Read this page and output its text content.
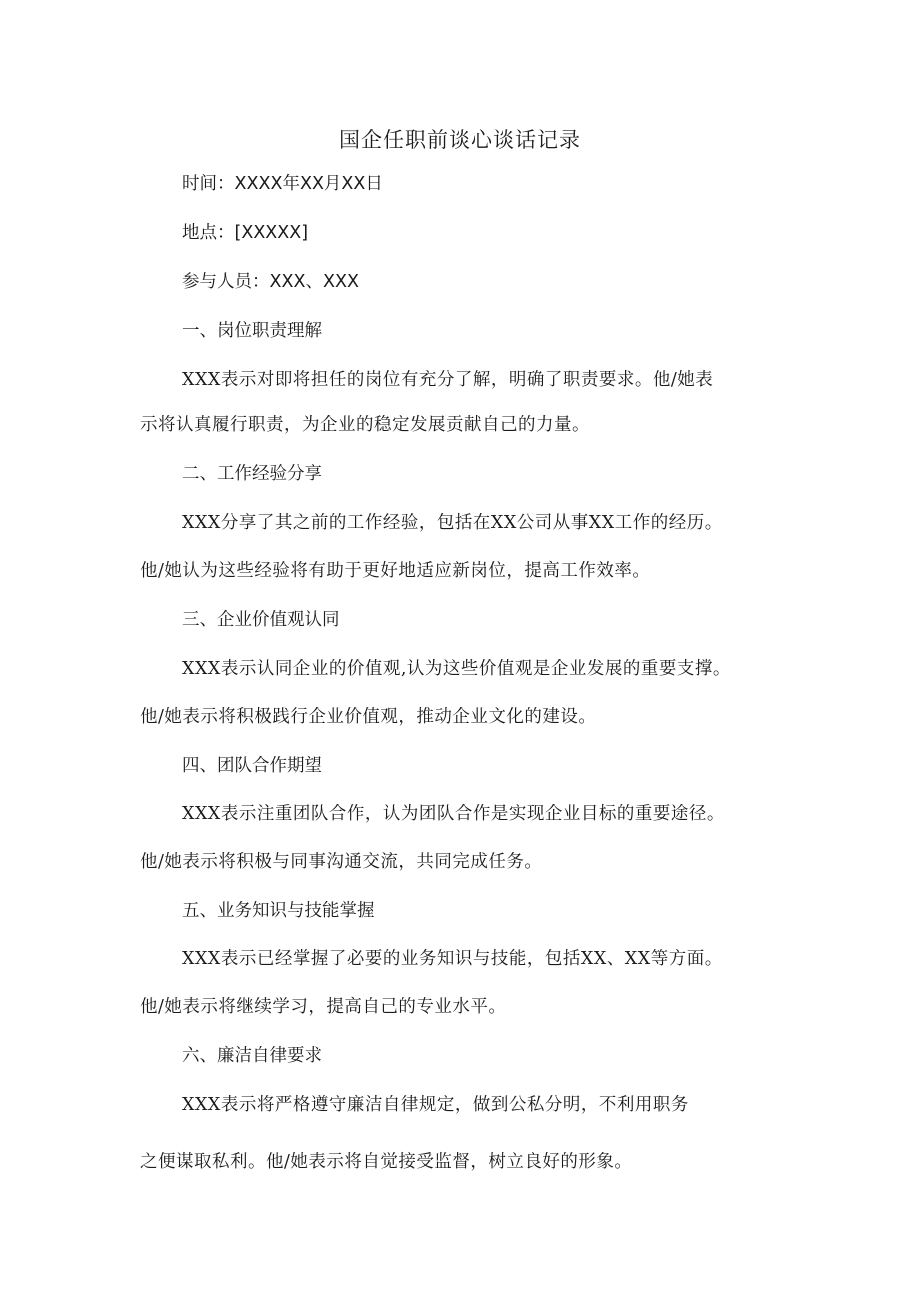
国企任职前谈心谈话记录

时间：XXXX年XX月XX日

地点：[XXXXX]

参与人员：XXX、XXX

一、岗位职责理解

XXX表示对即将担任的岗位有充分了解，明确了职责要求。他/她表

示将认真履行职责，为企业的稳定发展贡献自己的力量。

二、工作经验分享

XXX分享了其之前的工作经验，包括在XX公司从事XX工作的经历。

他/她认为这些经验将有助于更好地适应新岗位，提高工作效率。

三、企业价值观认同

XXX表示认同企业的价值观,认为这些价值观是企业发展的重要支撑。

他/她表示将积极践行企业价值观，推动企业文化的建设。

四、团队合作期望

XXX表示注重团队合作，认为团队合作是实现企业目标的重要途径。

他/她表示将积极与同事沟通交流，共同完成任务。

五、业务知识与技能掌握

XXX表示已经掌握了必要的业务知识与技能，包括XX、XX等方面。

他/她表示将继续学习，提高自己的专业水平。

六、廉洁自律要求

XXX表示将严格遵守廉洁自律规定，做到公私分明，不利用职务

之便谋取私利。他/她表示将自觉接受监督，树立良好的形象。
